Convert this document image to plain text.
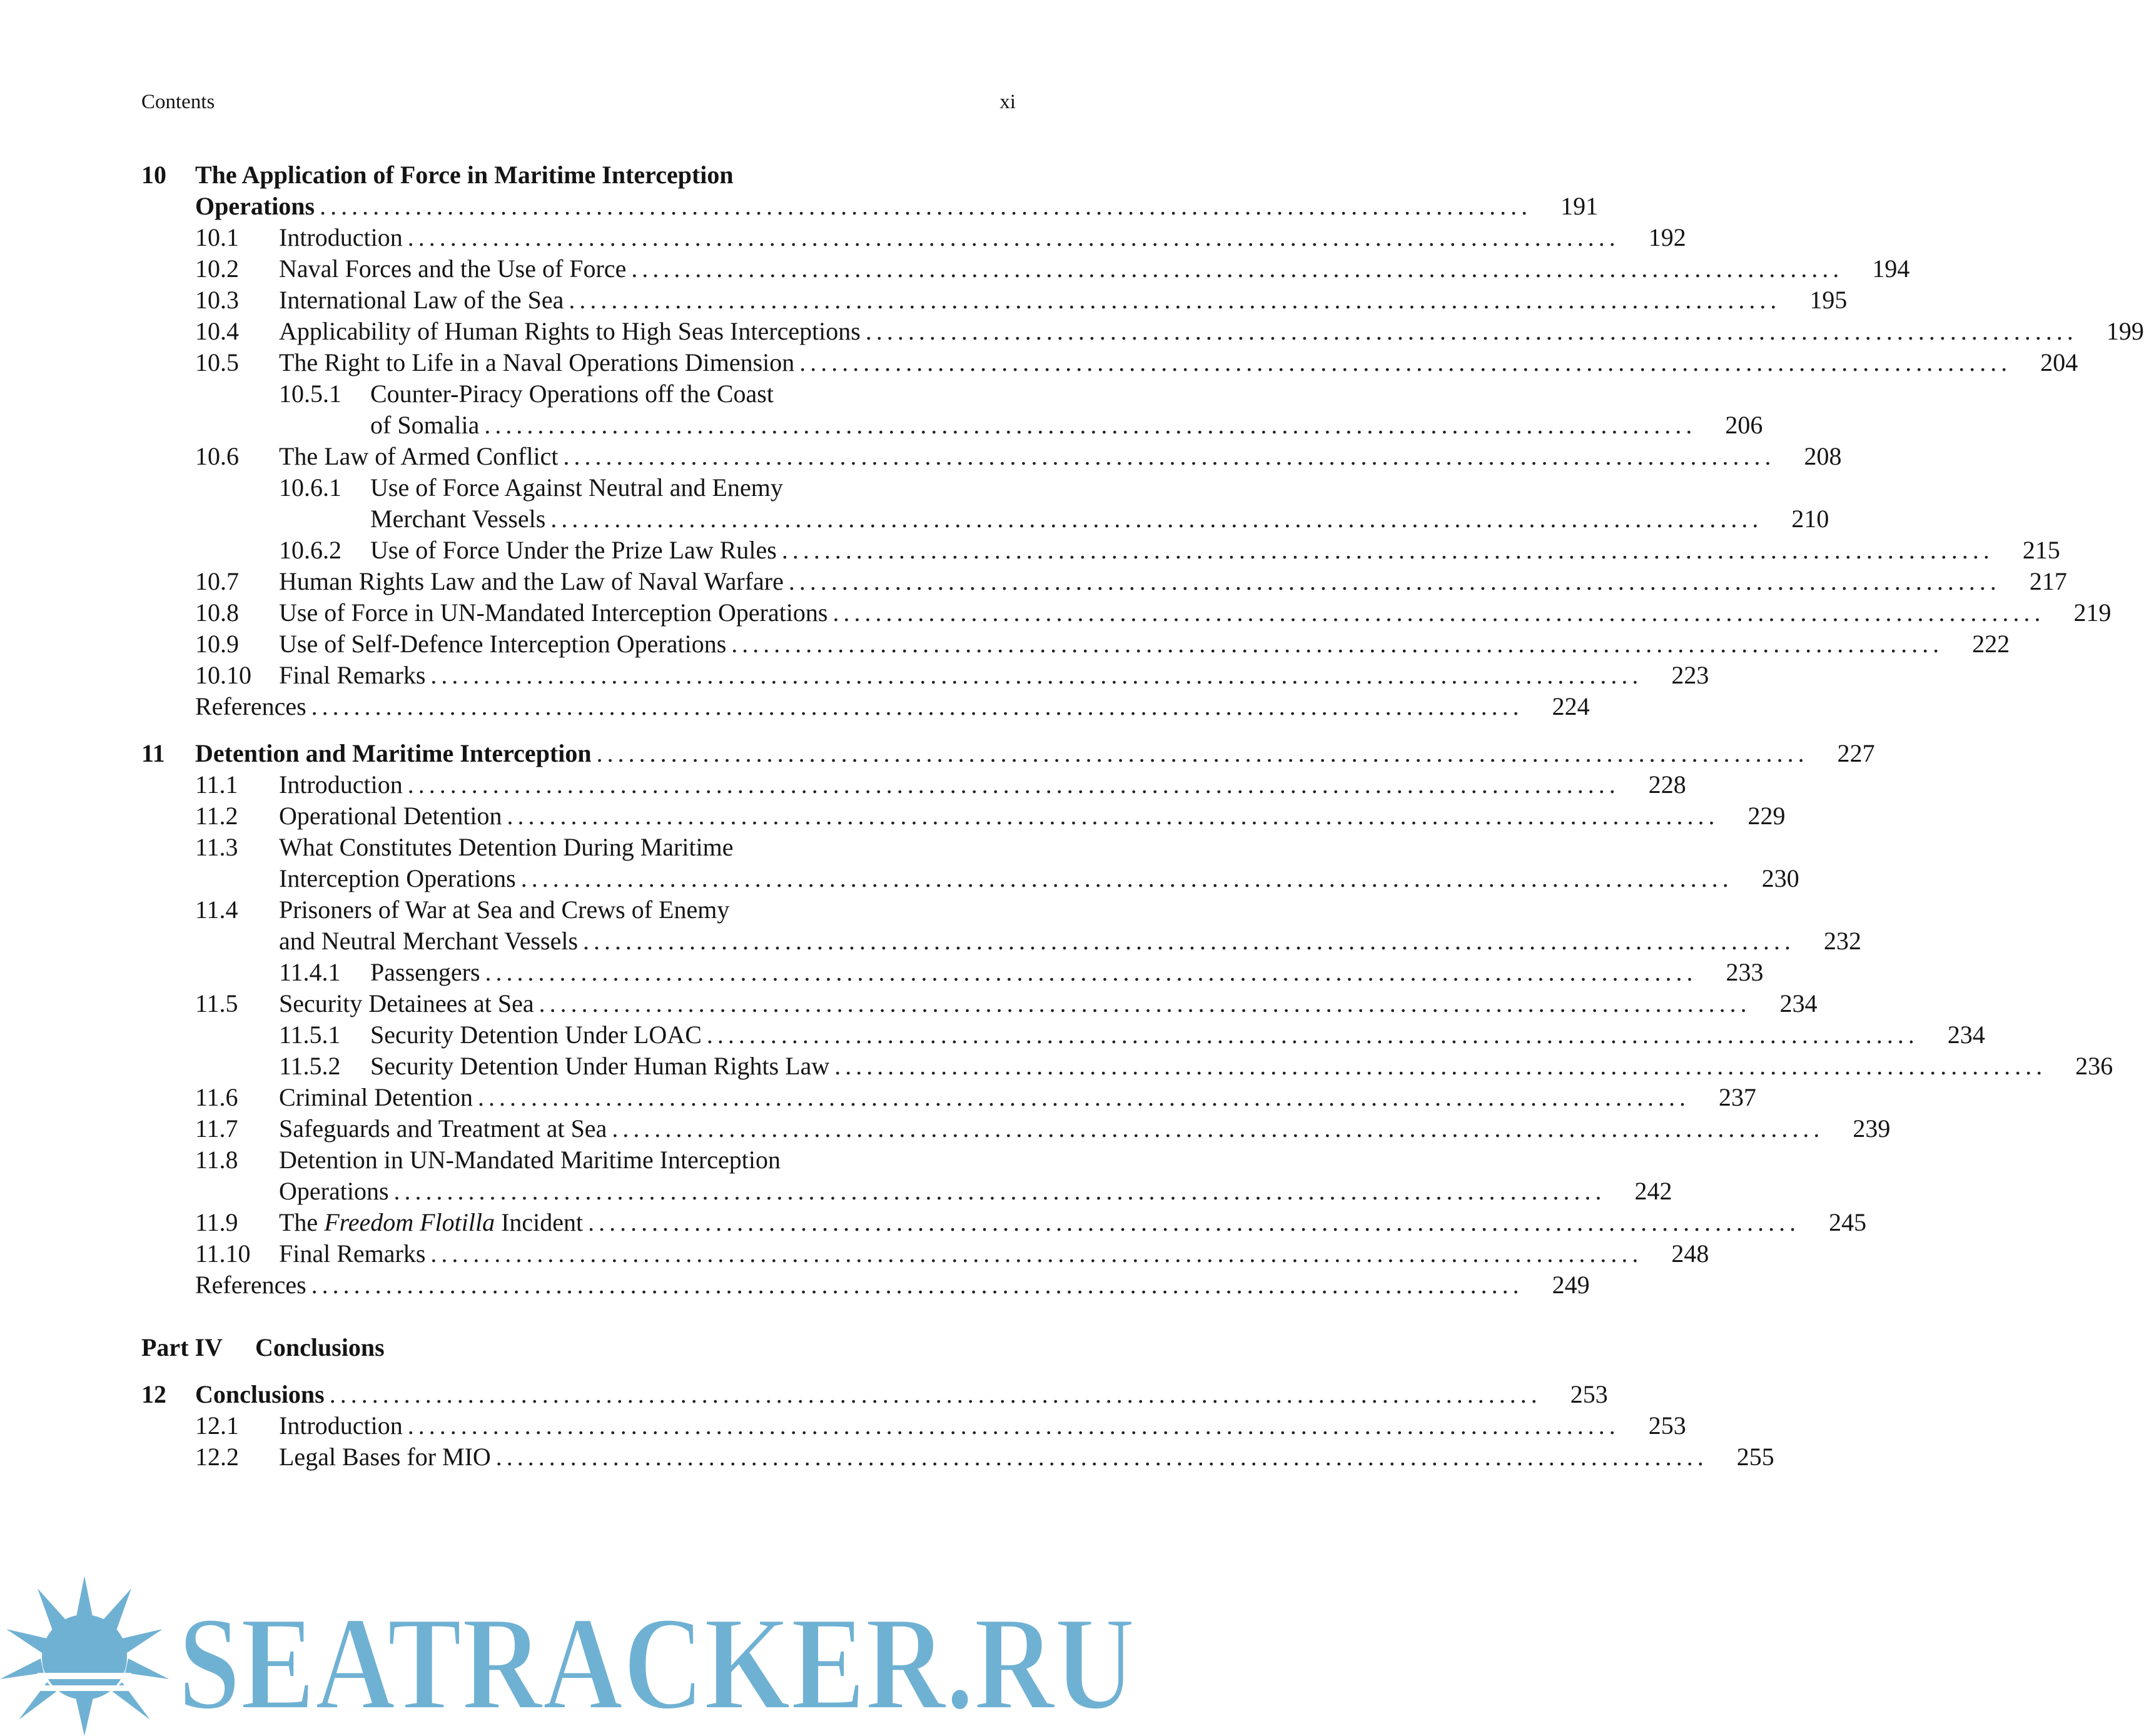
Contents	xi
10 The Application of Force in Maritime Interception
Operations ..................................................................................................................	191
10.1 Introduction ..................................................................................................................	192
10.2 Naval Forces and the Use of Force ..................................................................................................................	194
10.3 International Law of the Sea ..................................................................................................................	195
10.4 Applicability of Human Rights to High Seas Interceptions ..................................................................................................................	199
10.5 The Right to Life in a Naval Operations Dimension ..................................................................................................................	204
10.5.1 Counter-Piracy Operations off the Coast
of Somalia ..................................................................................................................	206
10.6 The Law of Armed Conflict ..................................................................................................................	208
10.6.1 Use of Force Against Neutral and Enemy
Merchant Vessels ..................................................................................................................	210
10.6.2 Use of Force Under the Prize Law Rules ..................................................................................................................	215
10.7 Human Rights Law and the Law of Naval Warfare ..................................................................................................................	217
10.8 Use of Force in UN-Mandated Interception Operations ..................................................................................................................	219
10.9 Use of Self-Defence Interception Operations ..................................................................................................................	222
10.10 Final Remarks ..................................................................................................................	223
References ..................................................................................................................	224
11 Detention and Maritime Interception ..................................................................................................................	227
11.1 Introduction ..................................................................................................................	228
11.2 Operational Detention ..................................................................................................................	229
11.3 What Constitutes Detention During Maritime
Interception Operations ..................................................................................................................	230
11.4 Prisoners of War at Sea and Crews of Enemy
and Neutral Merchant Vessels ..................................................................................................................	232
11.4.1 Passengers ..................................................................................................................	233
11.5 Security Detainees at Sea ..................................................................................................................	234
11.5.1 Security Detention Under LOAC ..................................................................................................................	234
11.5.2 Security Detention Under Human Rights Law ..................................................................................................................	236
11.6 Criminal Detention ..................................................................................................................	237
11.7 Safeguards and Treatment at Sea ..................................................................................................................	239
11.8 Detention in UN-Mandated Maritime Interception
Operations ..................................................................................................................	242
11.9 The Freedom Flotilla Incident ..................................................................................................................	245
11.10 Final Remarks ..................................................................................................................	248
References ..................................................................................................................	249
Part IV Conclusions
12 Conclusions ..................................................................................................................	253
12.1 Introduction ..................................................................................................................	253
12.2 Legal Bases for MIO ..................................................................................................................	255
SEATRACKER.RU
